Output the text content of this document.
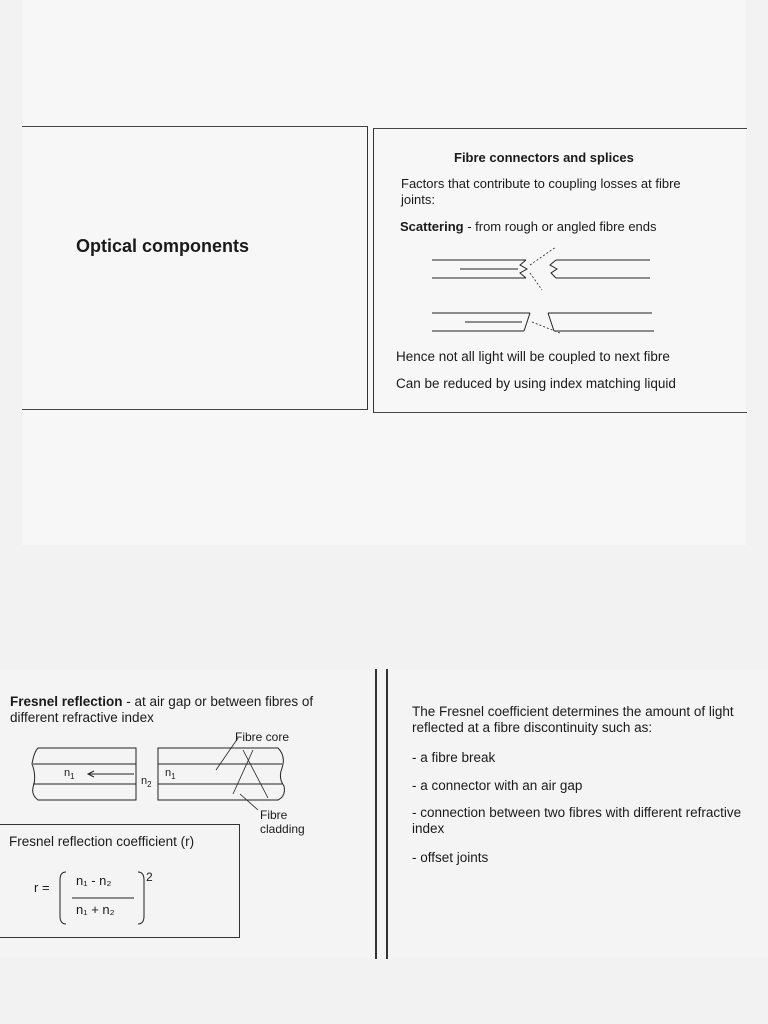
Optical components
Fibre connectors and splices
Factors that contribute to coupling losses at fibre joints:
Scattering - from rough or angled fibre ends
Hence not all light will be coupled to next fibre
Can be reduced by using index matching liquid
Fresnel reflection - at air gap or between fibres of different refractive index
Fibre core
$n_1$	$n_2$
$n_1$
Fibre cladding
Fresnel reflection coefficient (r)
r = n₁ - n₂
n₁ + n₂
2
The Fresnel coefficient determines the amount of light reflected at a fibre discontinuity such as:
- a fibre break
- a connector with an air gap
- connection between two fibres with different refractive index
- offset joints
